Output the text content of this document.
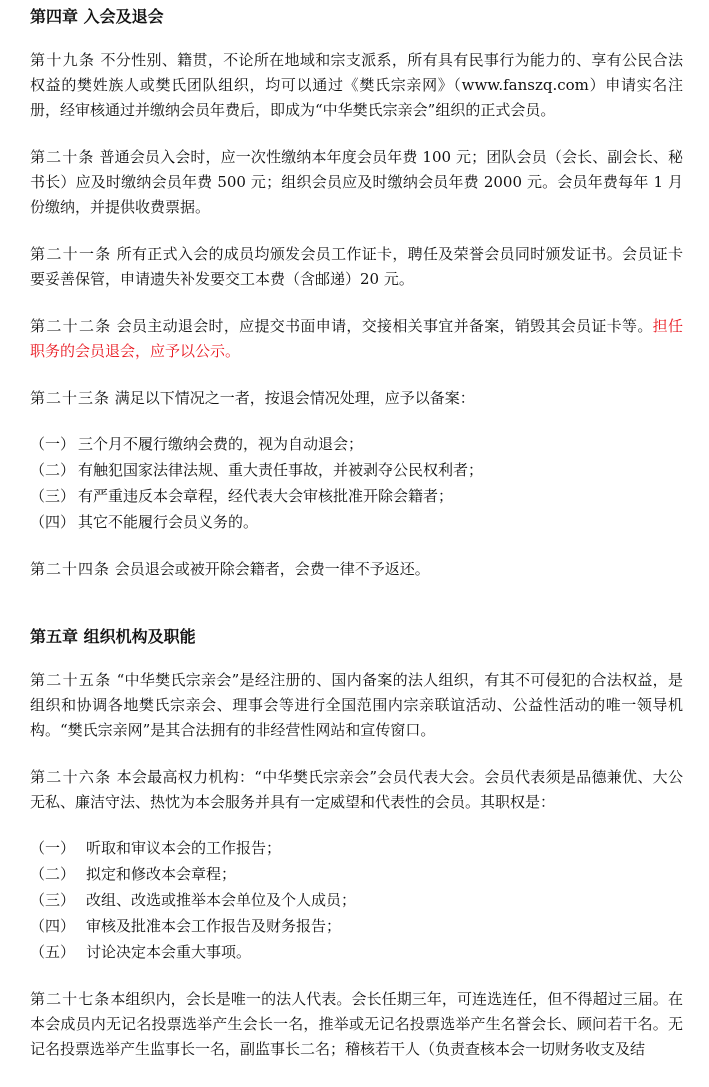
第四章 入会及退会

第十九条 不分性别、籍贯，不论所在地域和宗支派系，所有具有民事行为能力的、享有公民合法权益的樊姓族人或樊氏团队组织，均可以通过《樊氏宗亲网》（www.fanszq.com）申请实名注册，经审核通过并缴纳会员年费后，即成为“中华樊氏宗亲会”组织的正式会员。

第二十条 普通会员入会时，应一次性缴纳本年度会员年费 100 元；团队会员（会长、副会长、秘书长）应及时缴纳会员年费 500 元；组织会员应及时缴纳会员年费 2000 元。会员年费每年 1 月份缴纳，并提供收费票据。

第二十一条 所有正式入会的成员均颁发会员工作证卡，聘任及荣誉会员同时颁发证书。会员证卡要妥善保管，申请遗失补发要交工本费（含邮递）20 元。

第二十二条 会员主动退会时，应提交书面申请，交接相关事宜并备案，销毁其会员证卡等。担任职务的会员退会，应予以公示。

第二十三条 满足以下情况之一者，按退会情况处理，应予以备案：

（一） 三个月不履行缴纳会费的，视为自动退会；
（二） 有触犯国家法律法规、重大责任事故，并被剥夺公民权利者；
（三） 有严重违反本会章程，经代表大会审核批准开除会籍者；
（四） 其它不能履行会员义务的。

第二十四条 会员退会或被开除会籍者，会费一律不予返还。

第五章 组织机构及职能

第二十五条 “中华樊氏宗亲会”是经注册的、国内备案的法人组织，有其不可侵犯的合法权益，是组织和协调各地樊氏宗亲会、理事会等进行全国范围内宗亲联谊活动、公益性活动的唯一领导机构。“樊氏宗亲网”是其合法拥有的非经营性网站和宣传窗口。

第二十六条 本会最高权力机构：“中华樊氏宗亲会”会员代表大会。会员代表须是品德兼优、大公无私、廉洁守法、热忱为本会服务并具有一定威望和代表性的会员。其职权是：

（一） 听取和审议本会的工作报告；
（二） 拟定和修改本会章程；
（三） 改组、改选或推举本会单位及个人成员；
（四） 审核及批准本会工作报告及财务报告；
（五） 讨论决定本会重大事项。

第二十七条本组织内，会长是唯一的法人代表。会长任期三年，可连选连任，但不得超过三届。在本会成员内无记名投票选举产生会长一名，推举或无记名投票选举产生名誉会长、顾问若干名。无记名投票选举产生监事长一名，副监事长二名；稽核若干人（负责查核本会一切财务收支及结
